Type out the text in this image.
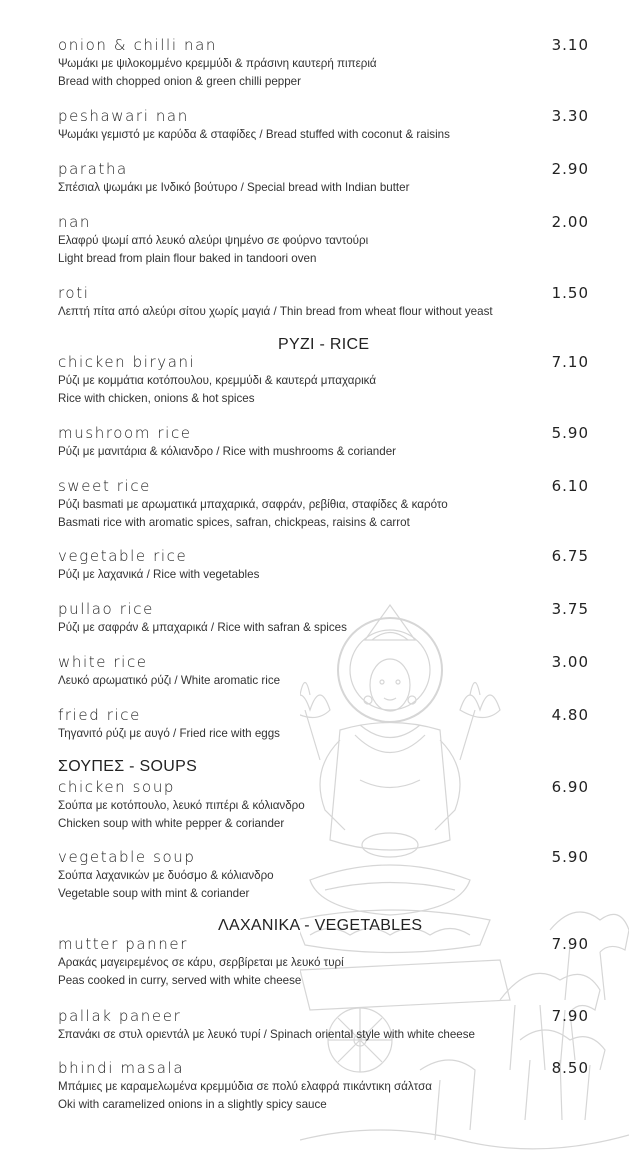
onion & chilli nan	3.10
Ψωμάκι με ψιλοκομμένο κρεμμύδι & πράσινη καυτερή πιπεριά
Bread with chopped onion & green chilli pepper
peshawari nan	3.30
Ψωμάκι γεμιστό με καρύδα & σταφίδες / Bread stuffed with coconut & raisins
paratha	2.90
Σπέσιαλ ψωμάκι με Ινδικό βούτυρο / Special bread with Indian butter
nan	2.00
Ελαφρύ ψωμί από λευκό αλεύρι ψημένο σε φούρνο ταντούρι
Light bread from plain flour baked in tandoori oven
roti	1.50
Λεπτή πίτα από αλεύρι σίτου χωρίς μαγιά / Thin bread from wheat flour without yeast
ΡΥΖΙ - RICE
chicken biryani	7.10
Ρύζι με κομμάτια κοτόπουλου, κρεμμύδι & καυτερά μπαχαρικά
Rice with chicken, onions & hot spices
mushroom rice	5.90
Ρύζι με μανιτάρια & κόλιανδρο / Rice with mushrooms & coriander
sweet rice	6.10
Ρύζι basmati με αρωματικά μπαχαρικά, σαφράν, ρεβίθια, σταφίδες & καρότο
Basmati rice with aromatic spices, safran, chickpeas, raisins & carrot
vegetable rice	6.75
Ρύζι με λαχανικά / Rice with vegetables
pullao rice	3.75
Ρύζι με σαφράν & μπαχαρικά / Rice with safran & spices
white rice	3.00
Λευκό αρωματικό ρύζι / White aromatic rice
fried rice	4.80
Τηγανιτό ρύζι με αυγό / Fried rice with eggs
ΣΟΥΠΕΣ - SOUPS
chicken soup	6.90
Σούπα με κοτόπουλο, λευκό πιπέρι & κόλιανδρο
Chicken soup with white pepper & coriander
vegetable soup	5.90
Σούπα λαχανικών με δυόσμο & κόλιανδρο
Vegetable soup with mint & coriander
ΛΑΧΑΝΙΚΑ - VEGETABLES
mutter panner	7.90
Αρακάς μαγειρεμένος σε κάρυ, σερβίρεται με λευκό τυρί
Peas cooked in curry, served with white cheese
pallak paneer	7.90
Σπανάκι σε στυλ οριεντάλ με λευκό τυρί / Spinach oriental style with white cheese
bhindi masala	8.50
Μπάμιες με καραμελωμένα κρεμμύδια σε πολύ ελαφρά πικάντικη σάλτσα
Oki with caramelized onions in a slightly spicy sauce
